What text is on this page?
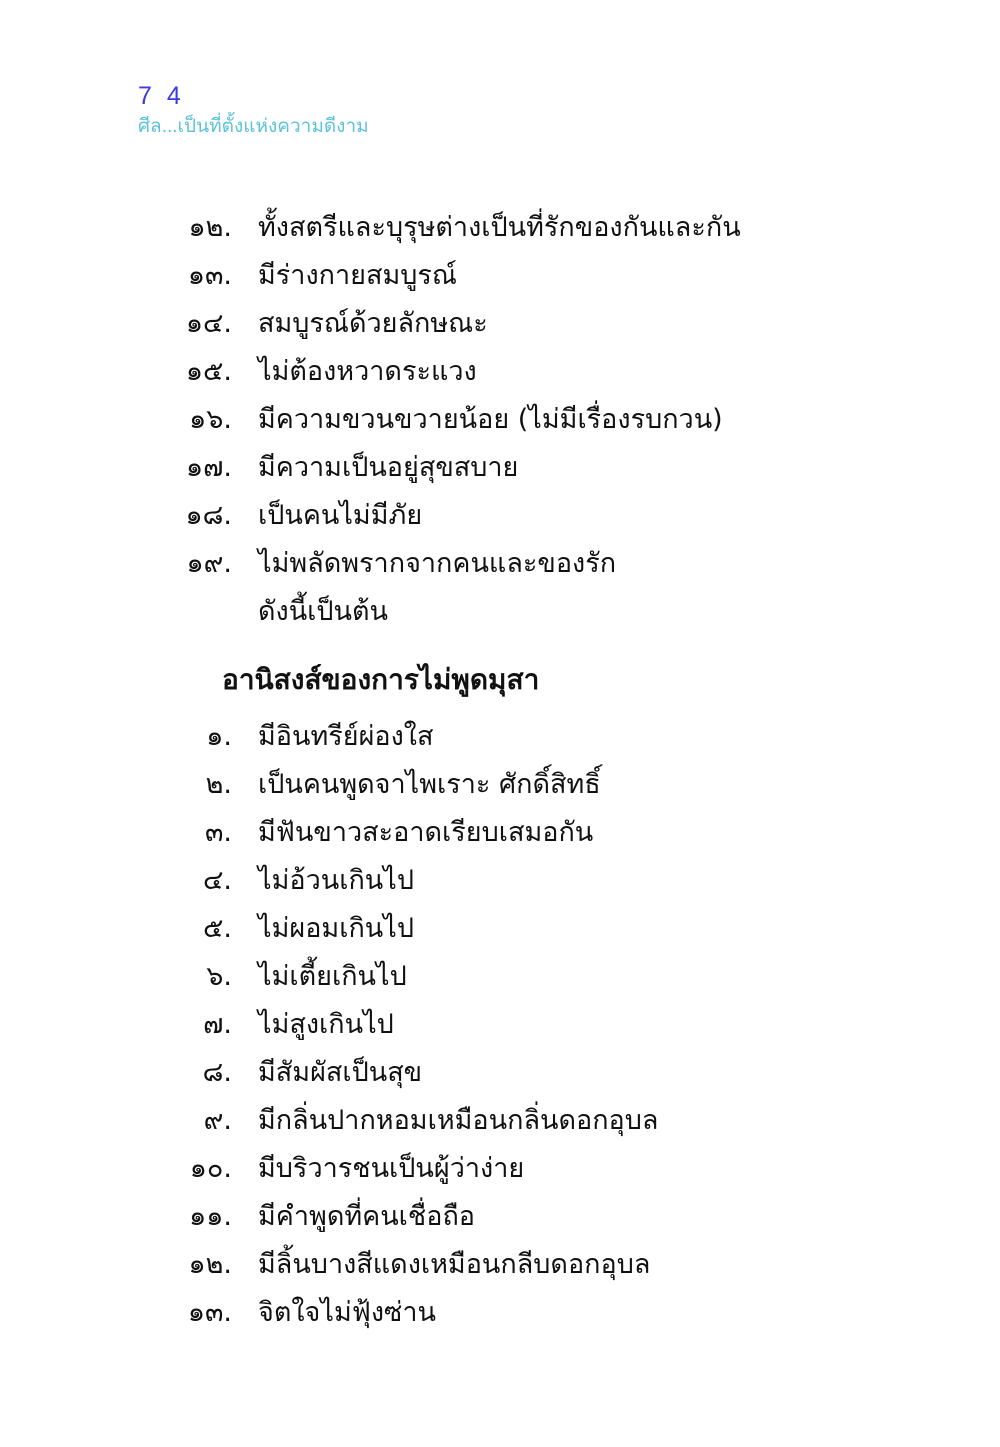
7 4
ศีล...เป็นที่ตั้งแห่งความดีงาม
๑๒. ทั้งสตรีและบุรุษต่างเป็นที่รักของกันและกัน
๑๓. มีร่างกายสมบูรณ์
๑๔. สมบูรณ์ด้วยลักษณะ
๑๕. ไม่ต้องหวาดระแวง
๑๖. มีความขวนขวายน้อย (ไม่มีเรื่องรบกวน)
๑๗. มีความเป็นอยู่สุขสบาย
๑๘. เป็นคนไม่มีภัย
๑๙. ไม่พลัดพรากจากคนและของรัก
ดังนี้เป็นต้น
อานิสงส์ของการไม่พูดมุสา
๑. มีอินทรีย์ผ่องใส
๒. เป็นคนพูดจาไพเราะ ศักดิ์สิทธิ์
๓. มีฟันขาวสะอาดเรียบเสมอกัน
๔. ไม่อ้วนเกินไป
๕. ไม่ผอมเกินไป
๖. ไม่เตี้ยเกินไป
๗. ไม่สูงเกินไป
๘. มีสัมผัสเป็นสุข
๙. มีกลิ่นปากหอมเหมือนกลิ่นดอกอุบล
๑๐. มีบริวารชนเป็นผู้ว่าง่าย
๑๑. มีคำพูดที่คนเชื่อถือ
๑๒. มีลิ้นบางสีแดงเหมือนกลีบดอกอุบล
๑๓. จิตใจไม่ฟุ้งซ่าน
